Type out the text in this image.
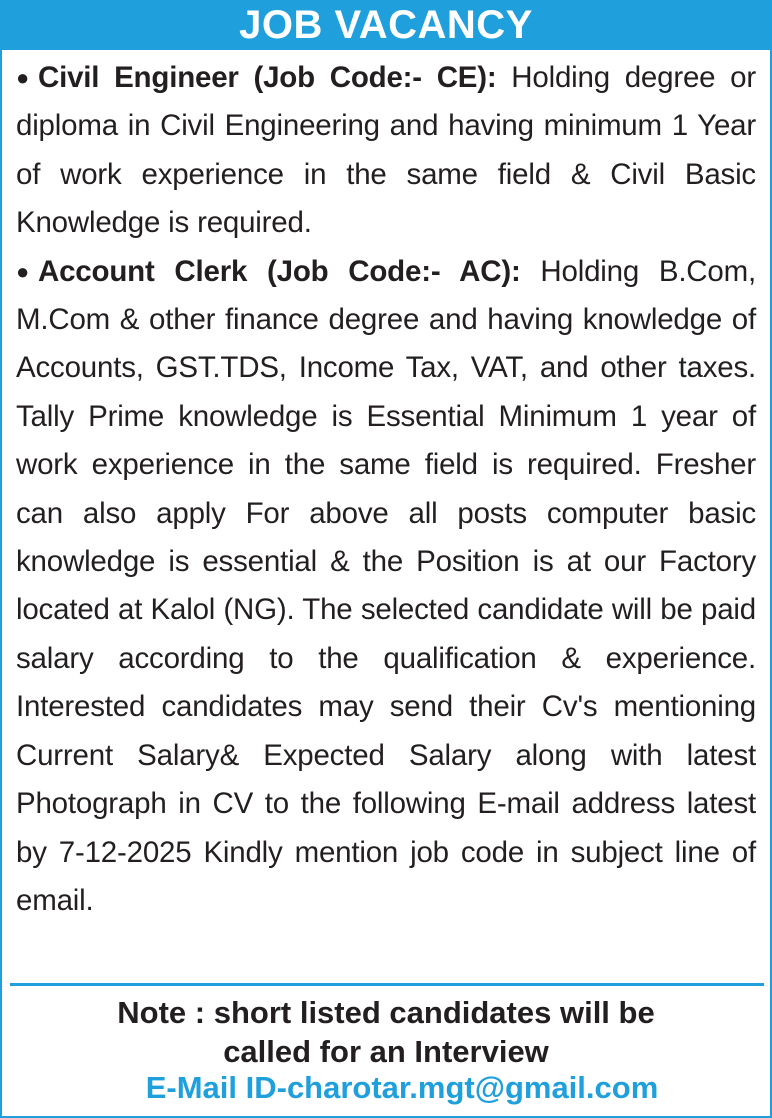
JOB VACANCY

● Civil Engineer (Job Code:- CE): Holding degree or diploma in Civil Engineering and having minimum 1 Year of work experience in the same field & Civil Basic Knowledge is required.

● Account Clerk (Job Code:- AC): Holding B.Com, M.Com & other finance degree and having knowledge of Accounts, GST.TDS, Income Tax, VAT, and other taxes. Tally Prime knowledge is Essential Minimum 1 year of work experience in the same field is required. Fresher can also apply For above all posts computer basic knowledge is essential & the Position is at our Factory located at Kalol (NG). The selected candidate will be paid salary according to the qualification & experience. Interested candidates may send their Cv's mentioning Current Salary& Expected Salary along with latest Photograph in CV to the following E-mail address latest by 7-12-2025 Kindly mention job code in subject line of email.

Note : short listed candidates will be
called for an Interview
E-Mail ID-charotar.mgt@gmail.com
